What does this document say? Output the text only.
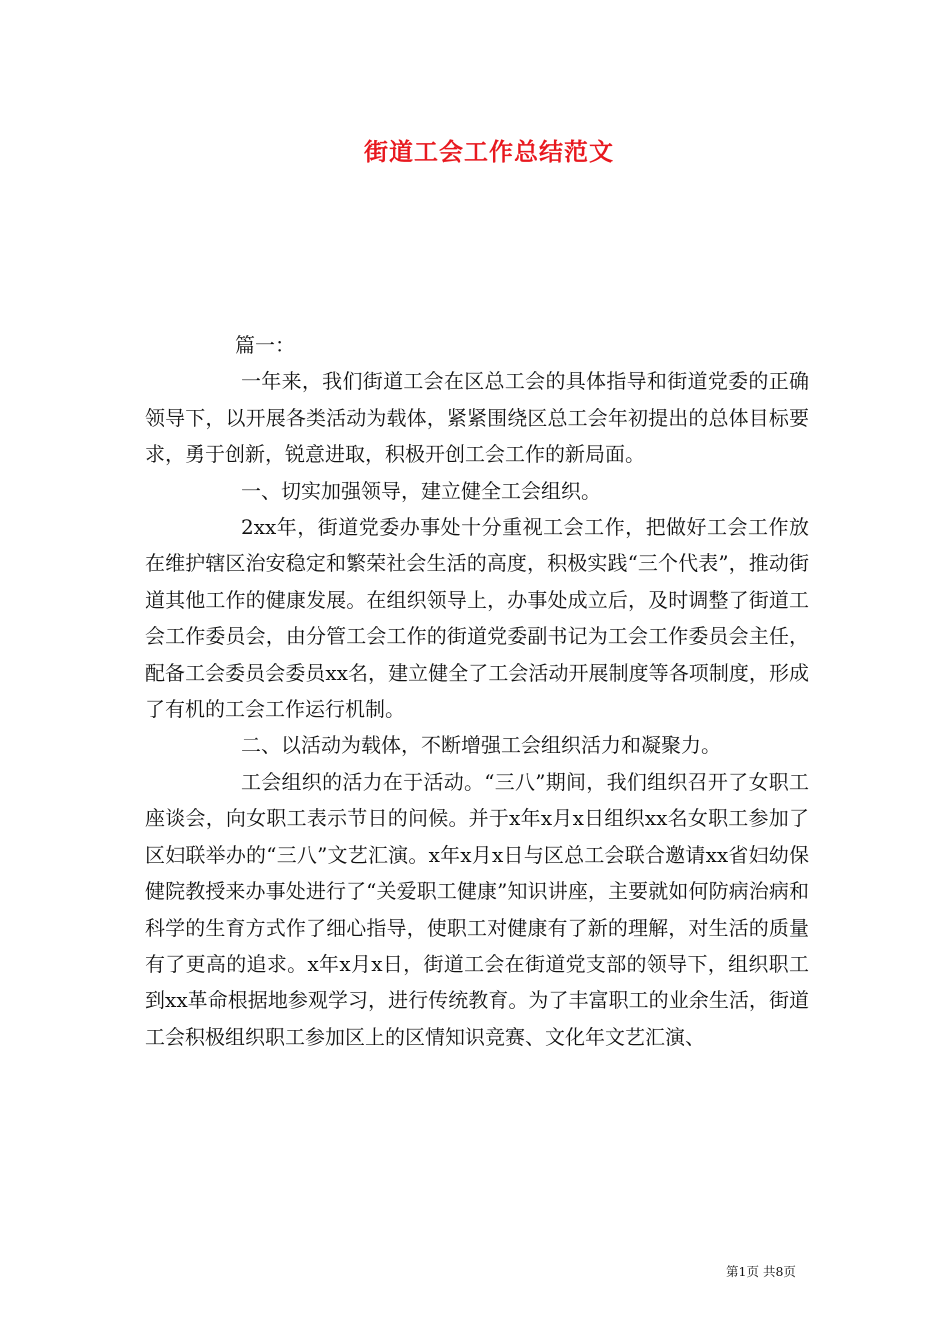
街道工会工作总结范文

篇一：

一年来，我们街道工会在区总工会的具体指导和街道党委的正确领导下，以开展各类活动为载体，紧紧围绕区总工会年初提出的总体目标要求，勇于创新，锐意进取，积极开创工会工作的新局面。

一、切实加强领导，建立健全工会组织。

2xx年，街道党委办事处十分重视工会工作，把做好工会工作放在维护辖区治安稳定和繁荣社会生活的高度，积极实践“三个代表”，推动街道其他工作的健康发展。在组织领导上，办事处成立后，及时调整了街道工会工作委员会，由分管工会工作的街道党委副书记为工会工作委员会主任，配备工会委员会委员xx名，建立健全了工会活动开展制度等各项制度，形成了有机的工会工作运行机制。

二、以活动为载体，不断增强工会组织活力和凝聚力。

工会组织的活力在于活动。“三八”期间，我们组织召开了女职工座谈会，向女职工表示节日的问候。并于x年x月x日组织xx名女职工参加了区妇联举办的“三八”文艺汇演。x年x月x日与区总工会联合邀请xx省妇幼保健院教授来办事处进行了“关爱职工健康”知识讲座，主要就如何防病治病和科学的生育方式作了细心指导，使职工对健康有了新的理解，对生活的质量有了更高的追求。x年x月x日，街道工会在街道党支部的领导下，组织职工到xx革命根据地参观学习，进行传统教育。为了丰富职工的业余生活，街道工会积极组织职工参加区上的区情知识竞赛、文化年文艺汇演、

第1页 共8页
